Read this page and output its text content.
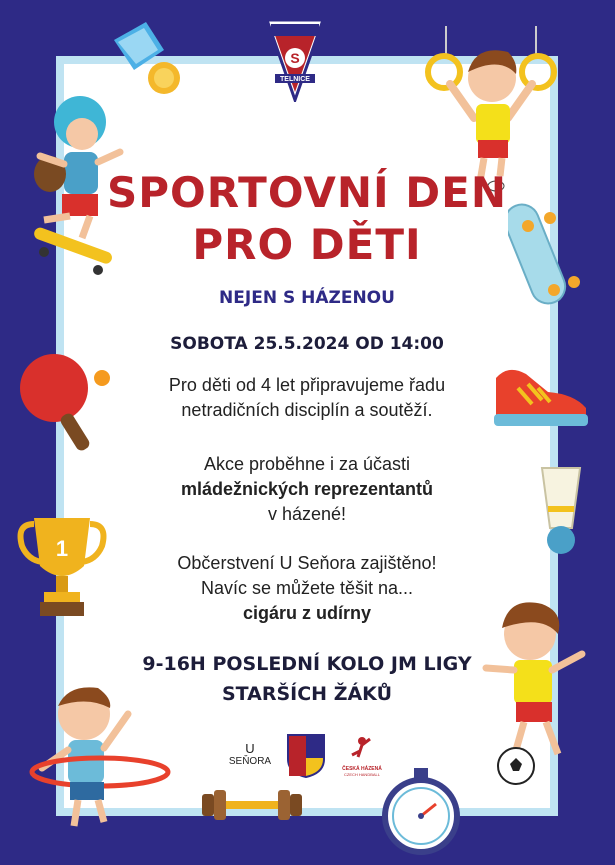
S
TELNICE
1920
1
SPORTOVNÍ DEN
PRO DĚTI
NEJEN S HÁZENOU
SOBOTA 25.5.2024 OD 14:00
Pro děti od 4 let připravujeme řadu
netradičních disciplín a soutěží.
Akce proběhne i za účasti
mládežnických reprezentantů
v házené!
Občerstvení U Seňora zajištěno!
Navíc se můžete těšit na...
cigáru z udírny
9-16H POSLEDNÍ KOLO JM LIGY
STARŠÍCH ŽÁKŮ
U
SEŇORA
ČESKÁ HÁZENÁ
CZECH HANDBALL
